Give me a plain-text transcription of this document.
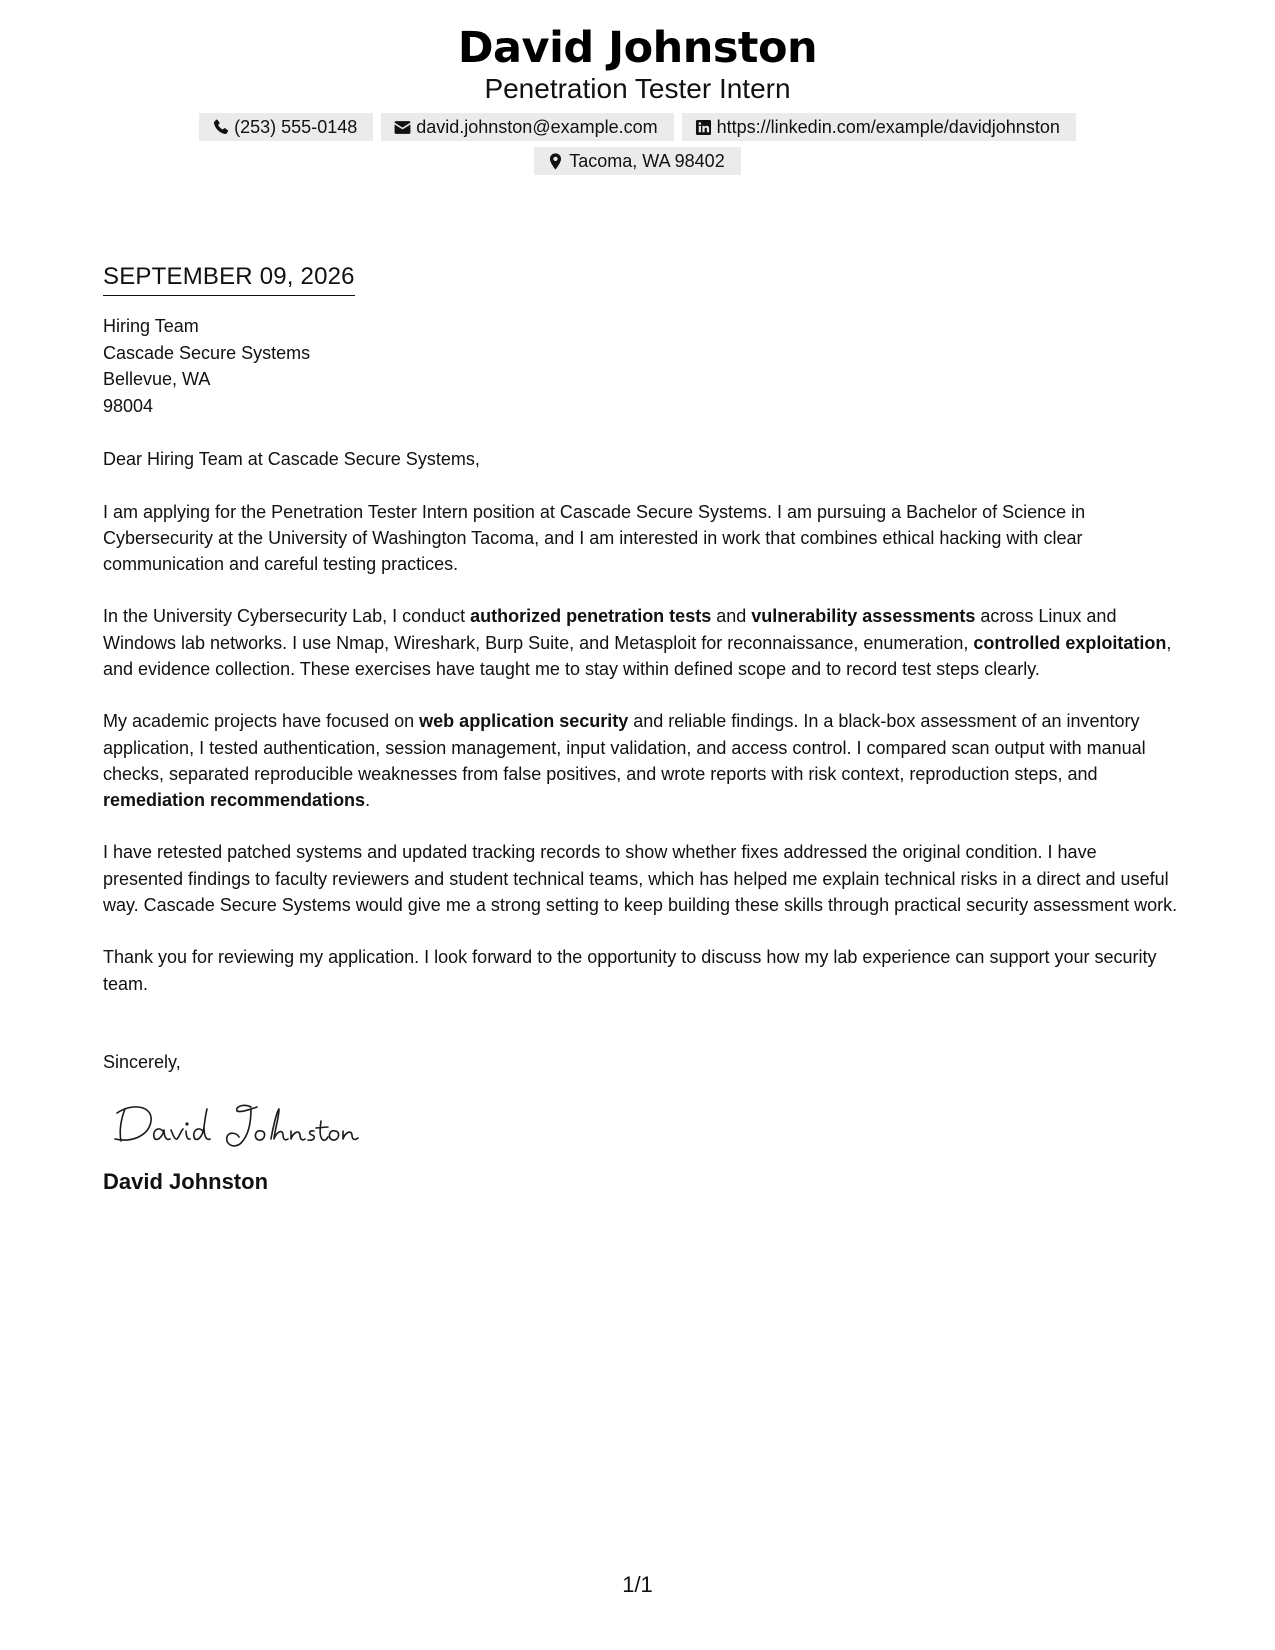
David Johnston
Penetration Tester Intern
(253) 555-0148	david.johnston@example.com	https://linkedin.com/example/davidjohnston
Tacoma, WA 98402
SEPTEMBER 09, 2026
Hiring Team
Cascade Secure Systems
Bellevue, WA
98004
Dear Hiring Team at Cascade Secure Systems,

I am applying for the Penetration Tester Intern position at Cascade Secure Systems. I am pursuing a Bachelor of Science in Cybersecurity at the University of Washington Tacoma, and I am interested in work that combines ethical hacking with clear communication and careful testing practices.

In the University Cybersecurity Lab, I conduct authorized penetration tests and vulnerability assessments across Linux and Windows lab networks. I use Nmap, Wireshark, Burp Suite, and Metasploit for reconnaissance, enumeration, controlled exploitation, and evidence collection. These exercises have taught me to stay within defined scope and to record test steps clearly.

My academic projects have focused on web application security and reliable findings. In a black-box assessment of an inventory application, I tested authentication, session management, input validation, and access control. I compared scan output with manual checks, separated reproducible weaknesses from false positives, and wrote reports with risk context, reproduction steps, and remediation recommendations.

I have retested patched systems and updated tracking records to show whether fixes addressed the original condition. I have presented findings to faculty reviewers and student technical teams, which has helped me explain technical risks in a direct and useful way. Cascade Secure Systems would give me a strong setting to keep building these skills through practical security assessment work.

Thank you for reviewing my application. I look forward to the opportunity to discuss how my lab experience can support your security team.

Sincerely,
David Johnston
1/1
